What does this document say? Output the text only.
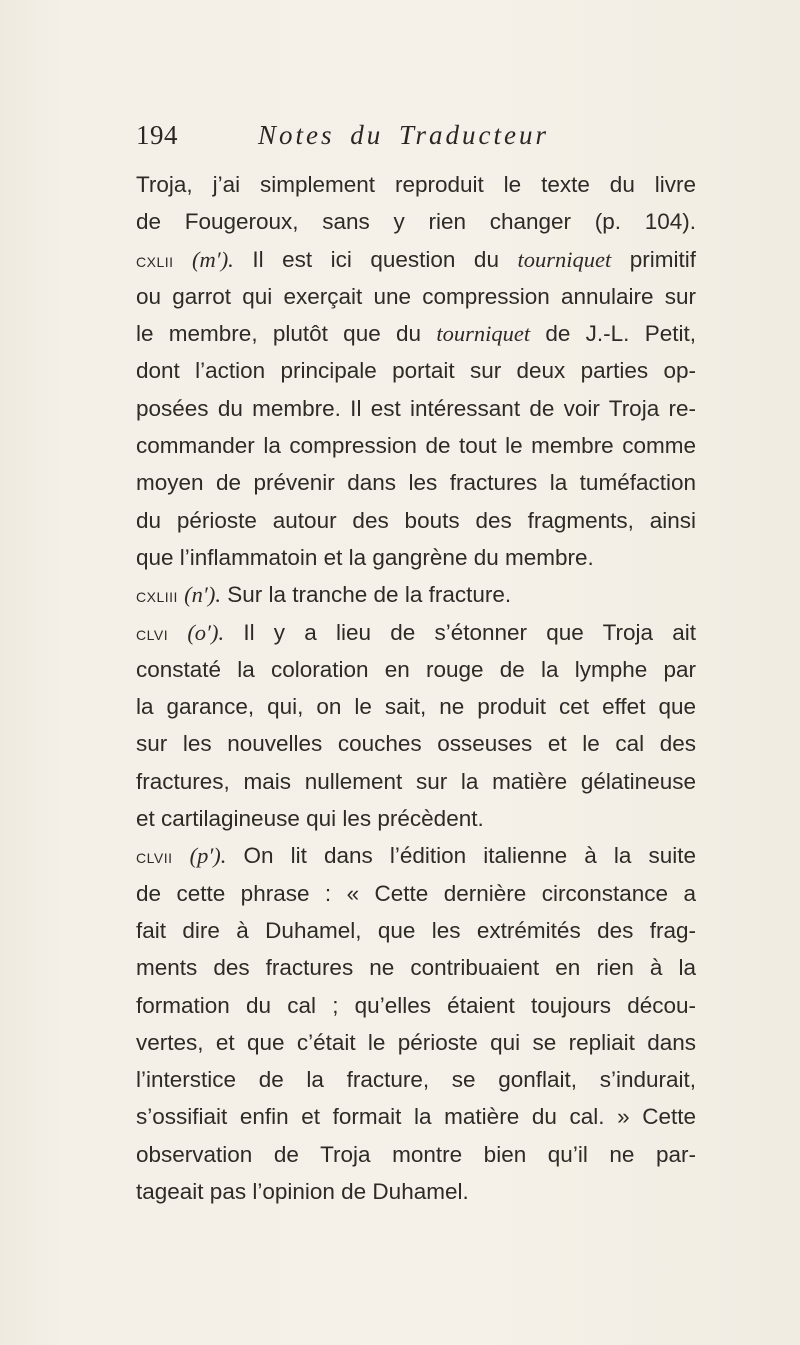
194	Notes du Traducteur
Troja, j’ai simplement reproduit le texte du livre
de Fougeroux, sans y rien changer (p. 104).
cxlii (m′). Il est ici question du tourniquet primitif
ou garrot qui exerçait une compression annulaire sur
le membre, plutôt que du tourniquet de J.-L. Petit,
dont l’action principale portait sur deux parties op-
posées du membre. Il est intéressant de voir Troja re-
commander la compression de tout le membre comme
moyen de prévenir dans les fractures la tuméfaction
du périoste autour des bouts des fragments, ainsi
que l’inflammatoin et la gangrène du membre.
cxliii (n′). Sur la tranche de la fracture.
clvi (o′). Il y a lieu de s’étonner que Troja ait
constaté la coloration en rouge de la lymphe par
la garance, qui, on le sait, ne produit cet effet que
sur les nouvelles couches osseuses et le cal des
fractures, mais nullement sur la matière gélatineuse
et cartilagineuse qui les précèdent.
clvii (p′). On lit dans l’édition italienne à la suite
de cette phrase : « Cette dernière circonstance a
fait dire à Duhamel, que les extrémités des frag-
ments des fractures ne contribuaient en rien à la
formation du cal ; qu’elles étaient toujours décou-
vertes, et que c’était le périoste qui se repliait dans
l’interstice de la fracture, se gonflait, s’indurait,
s’ossifiait enfin et formait la matière du cal. » Cette
observation de Troja montre bien qu’il ne par-
tageait pas l’opinion de Duhamel.
